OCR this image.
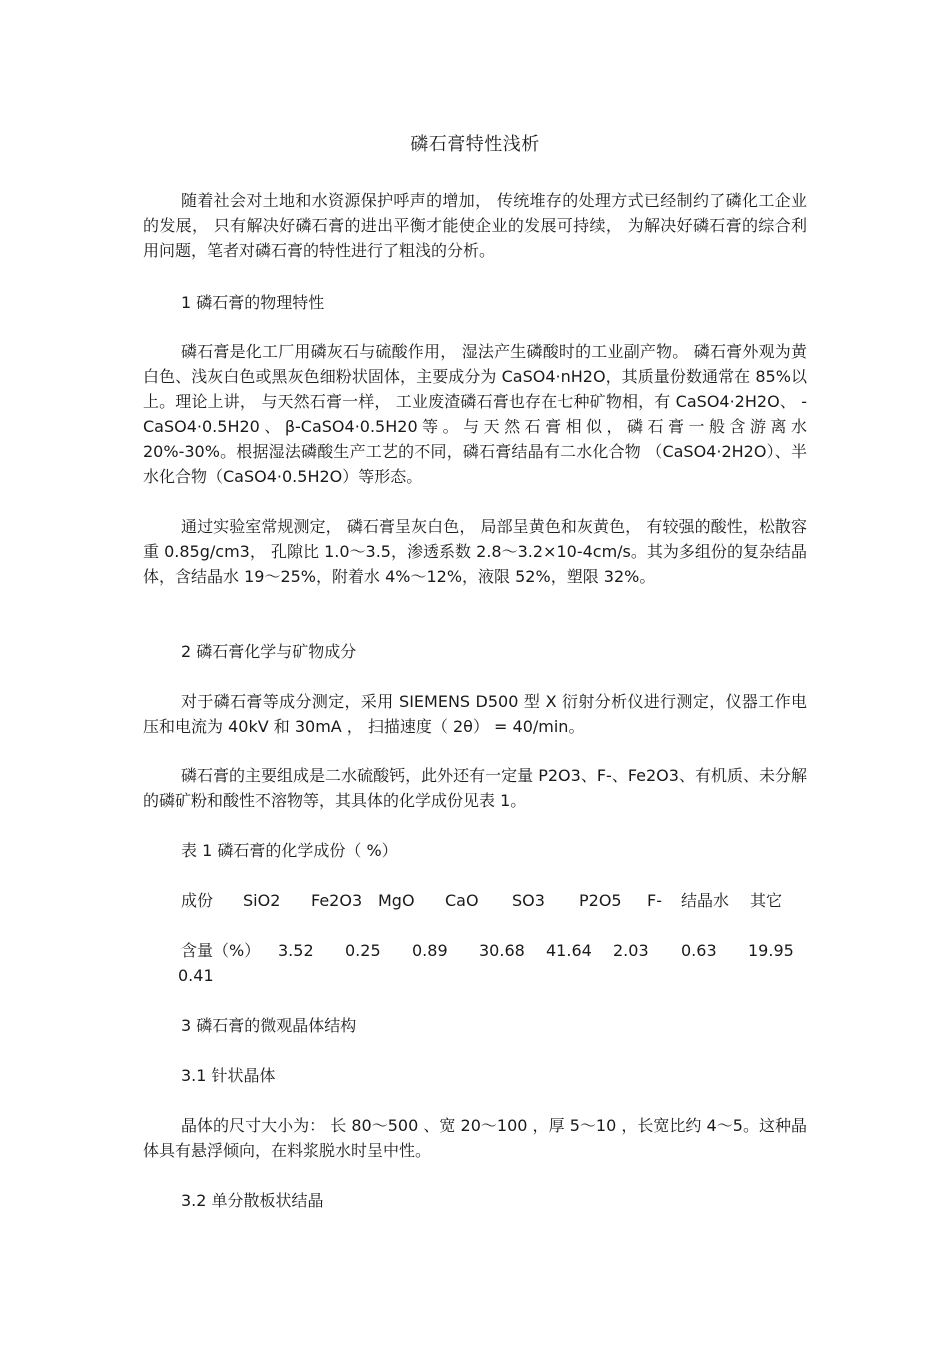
磷石膏特性浅析

随着社会对土地和水资源保护呼声的增加， 传统堆存的处理方式已经制约了磷化工企业的发展， 只有解决好磷石膏的进出平衡才能使企业的发展可持续， 为解决好磷石膏的综合利用问题，笔者对磷石膏的特性进行了粗浅的分析。

1 磷石膏的物理特性

磷石膏是化工厂用磷灰石与硫酸作用， 湿法产生磷酸时的工业副产物。 磷石膏外观为黄白色、浅灰白色或黑灰色细粉状固体，主要成分为 CaSO4·nH2O，其质量份数通常在 85%以上。理论上讲， 与天然石膏一样， 工业废渣磷石膏也存在七种矿物相，有 CaSO4·2H2O、 -CaSO4·0.5H20、β-CaSO4·0.5H20等。与天然石膏相似，磷石膏一般含游离水 20%-30%。根据湿法磷酸生产工艺的不同，磷石膏结晶有二水化合物 （CaSO4·2H2O）、半水化合物（CaSO4·0.5H2O）等形态。

通过实验室常规测定， 磷石膏呈灰白色， 局部呈黄色和灰黄色， 有较强的酸性，松散容重 0.85g/cm3， 孔隙比 1.0～3.5，渗透系数 2.8～3.2×10-4cm/s。其为多组份的复杂结晶体，含结晶水 19～25%，附着水 4%～12%，液限 52%，塑限 32%。

2 磷石膏化学与矿物成分

对于磷石膏等成分测定，采用 SIEMENS D500 型 X 衍射分析仪进行测定，仪器工作电压和电流为 40kV 和 30mA ， 扫描速度（ 2θ） = 40/min。

磷石膏的主要组成是二水硫酸钙，此外还有一定量 P2O3、F-、Fe2O3、有机质、未分解的磷矿粉和酸性不溶物等，其具体的化学成份见表 1。

表 1 磷石膏的化学成份（ %）

成份 SiO2 Fe2O3 MgO CaO SO3 P2O5 F- 结晶水 其它
含量（%） 3.52 0.25 0.89 30.68 41.64 2.03 0.63 19.95
0.41

3 磷石膏的微观晶体结构

3.1 针状晶体

晶体的尺寸大小为： 长 80～500 、宽 20～100 ，厚 5～10 ，长宽比约 4～5。这种晶体具有悬浮倾向，在料浆脱水时呈中性。

3.2 单分散板状结晶
